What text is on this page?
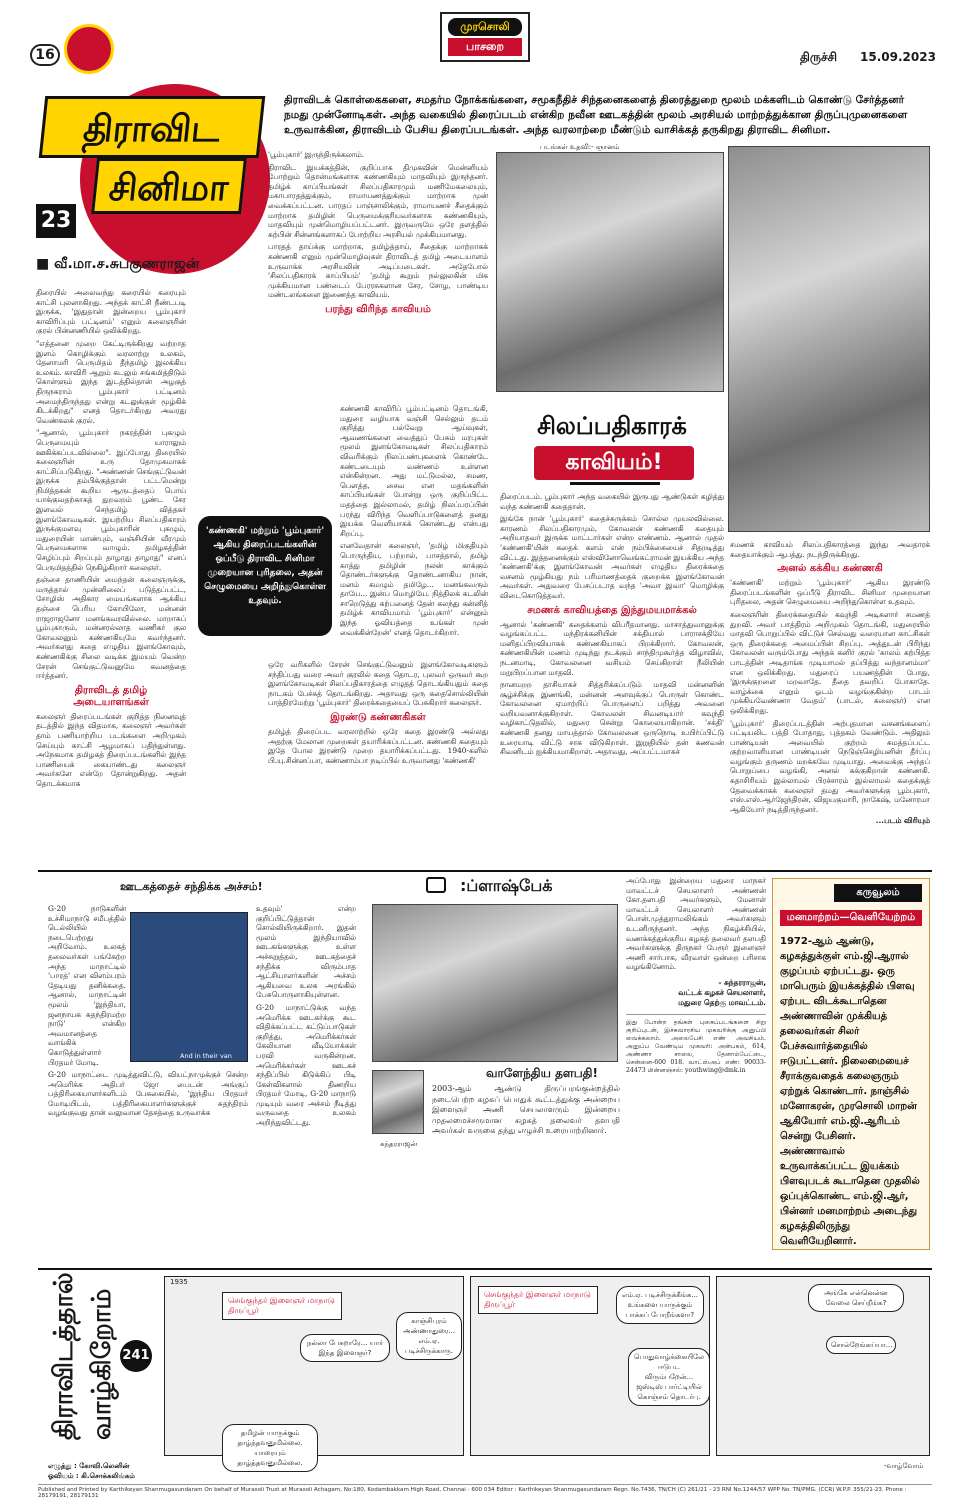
16
முரசொலி
பாசறை
திருச்சி 15.09.2023
திராவிட
சினிமா
23
■ வீ.மா.ச.சுபகுணராஜன்
திராவிடக் கொள்கைகளை, சமதர்ம நோக்கங்களை, சமூகநீதிச் சிந்தனைகளைத் திரைத்துறை மூலம் மக்களிடம் கொண்டு சேர்த்தனர் நமது முன்னோடிகள். அந்த வகையில் திரைப்படம் என்கிற நவீன ஊடகத்தின் மூலம் அரசியல் மாற்றத்துக்கான திருப்புமுனைகளை உருவாக்கின, திராவிடம் பேசிய திரைப்படங்கள். அந்த வரலாற்றை மீண்டும் வாசிக்கத் தருகிறது திராவிட சினிமா.

திரையில் அலைவந்து கரையில் கரையும் காட்சி புலனாகிறது. அந்தக் காட்சி நீண்டபடி இருக்க, 'இதுதான் இன்றைய பூம்புகார் காவிரிப்பும் பட்டினம்' எனும் கலைஞரின் குரல் பின்னணியில் ஒலிக்கிறது.

"எத்தனை முறை கேட்டிருக்கிறது வற்றாத இளம் கொழிக்கும் வரலாற்று உலகம், தேனாமரி பெருமிதம் தீந்தமிழ் இலக்கிய உலகம். காவிரி ஆறும் கடலும் சங்கமித்திடும் கொள்ளும் இந்த இடத்தில்தான் அழகுத் திருநகராம் பூம்புகார் பட்டினம் அமைந்திருந்தது என்று கடலுக்குள் மூழ்கிக் கிடக்கிறது" எனத் தொடர்கிறது அவரது வெண்கலக் குரல்.

"ஆனால், பூம்புகார் நகரத்தின் புகழும் பெருமையும் யாராலும் ஊகிக்கப்படவில்லை". இப்போது திரையில் கலைஞரின் உரு தோமுகமாகக் காட்சிப்படுகிறது. "அண்ணன் செங்குட்டுவன் இருக்க தம்பிக்குத்தான் பட்டமென்று நிமித்தகன் கூறிய ஆருடத்தைப் பொய் யாக்குவதற்காகத் துறவறம் பூண்ட சேர இளவல் செந்தமிழ் வித்தகர் இளங்கோவடிகள். இயற்றிய சிலப்பதிகாரம் இருக்குமளவு பூம்புகாரின் புகழும், மதுரையின் மாண்பும், வஞ்சியின் வீரமும் பெருமைகளாக வாழும். தமிழகத்தின் செழிப்பும் சிறப்பும் தாழாது தாழாது" எனப் பெருமிதத்தில் நெகிழ்கிறார் கலைஞர்.

தஞ்சை தாணியின் மைந்தன் கலைஞருக்கு, மருத்தால் முன்னிலைப் படுத்தப்பட்ட, சோழிஸ் அதிகார மையங்களாக ஆக்கிய தஞ்சை பெரிய கோயிலோ, மன்னன் ராஜராஜனோ மனங்கவரவில்லை. மாறாகப் பூம்புகாரும், மன்னரல்லாத வணிகர் குல கோவலனும் கண்ணகியுமே கவர்ந்தனர். அவர்களது கதை எழுதிய இளங்கோவும், கண்ணகிக்கு சிலை வடிக்க இமயம் வென்ற சேரன் செங்குட்டுவனுமே கவனத்தை ஈர்த்தனர்.

திராவிடத் தமிழ் அடையாளங்கள்

கலைஞர் திரைப்படங்கள் குறித்த நினைவுத் தடத்தில் இந்த விதமாக, கலைஞர் அவர்கள் தாம் பணியாற்றிய படங்களை அறிமுகம் செய்யும் காட்சி ஆழமாகப் பதிந்துள்ளது. அநேகமாக தமிழகத் திரைப்படங்களில் இந்த பாணியைக் கையாண்டது கலைஞர் அவர்களே என்றே தோன்றுகிறது. அதன் தொடக்கமாக

'பூம்புகார்' இருந்திருக்கலாம்.

திராவிட இயக்கத்தின், குறிப்பாக திமுகவின் மென்னியம் போற்றும் தொன்மங்களாக கண்ணகியும் மாதவியும் இருந்தனர். தமிழ்க் காப்பியங்கள் சிலப்பதிகாரமும் மணிமேகலையும், மகாபாரதத்துக்கும், ராமாயணத்துக்கும் மாற்றாக முன் வைக்கப்பட்டன. பாரதப் பாஞ்சாலிக்கும், ராமாயணச் சீதைக்கும் மாற்றாக தமிழின் பெருமைக்குரியவர்களாக கண்ணகியும், மாதவியும் முன்மொழியப்பட்டனர். இருவருமே ஒரே தளத்தில் கற்பின் சின்னங்களாகப் போற்றிய அரசியல் முக்கியமானது.

பாரதத் தாய்க்கு மாற்றாக, தமிழ்த்தாய், சீதைக்கு மாற்றாகக் கண்ணகி எனும் முன்மொழிவுகள் திராவிடத் தமிழ் அடையாளம் உருவாக்க அரசியலின் அடிப்படைகள். அதேபோல் 'சிலப்பதிகாரக் காப்பியம்' 'தமிழ் கூறும் நல்லுலகின் மிக முக்கியமான பண்டைப் பேரரசுகளான சேர, சோழ, பாண்டிய மண்டலங்களை இணைத்த காவியம்.

பரந்து விரிந்த காவியம்

கண்ணகி காவிரிப் பூம்பட்டினம் தொடங்கி, மதுரை வழியாக வஞ்சி செல்லும் தடம் குறித்து பல்வேறு ஆய்வுகள், ஆவணங்களை வைத்துப் பேசும் மரபுகள் மூலம் இளங்கோவடிகள் சிலப்பதிகாரம் விவரிக்கும் நிலப்பண்புகளைக் கொண்டே கண்டடையும் வண்ணம் உள்ளன என்கின்றன. அது மட்டுமல்ல, சமண, பௌத்த, சைவ என மதங்களின் காப்பியங்கள் போன்று ஒரு குறிப்பிட்ட மதத்தை இல்லாமல், தமிழ் நிலப்பரப்பின் பரந்து விரிந்த வெளிப்பாடுகளைத் தனது இயக்க வெளியாகக் கொண்டது என்பது சிறப்பு.

எனவேதான் கலைஞர், 'தமிழ் மிகுதியும் பொருந்திய, பற்றால், பாசத்தால், தமிழ் காத்து தமிழின் நலன் காக்கும் தொண்டர்களுக்கு தொண்டனாகிய நான், மனம் கமழும் தமிழே... மனங்கவரும் தாயே... இன்ப மொழியே. நித்திலக் கடலின் சாறெடுத்து கற்பனைத் தேன் கலந்து கன்னித் தமிழ்க் காவியமாம் 'பூம்புகார்' என்னும் இந்த ஓவியத்தை உங்கள் முன் வைக்கின்றேன்' எனத் தொடர்கிறார்.

ஒரே வரிகளில் சேரன் செங்குட்டுவனும் இளங்கோவடிகளும் சந்திப்பது வரை அவர் குரலில் கதை தொடர, புலவர் ஒருவர் கூற இளங்கோவடிகள் சிலப்பதிகாரத்தை எழுதத் தொடங்கியதும் கதை நாடகம் பேச்சுத் தொடங்கிறது. அதாவது ஒரு கதைசொல்லியின் பாத்திரமேற்று 'பூம்புகார்' திரைக்கதையைப் பேசுகிறார் கலைஞர்.

இரண்டு கண்ணகிகள்

தமிழ்த் திரைப்பட வரலாற்றில் ஒரே கதை இரண்டு அல்லது அதற்கு மேலான முறைகள் தயாரிக்கப்பட்டன. கண்ணகி கதையும் இதே போல இரண்டு முறை தயாரிக்கப்பட்டது. 1940-களில் பி.யு.சின்னப்பா, கண்ணாம்பா நடிப்பில் உருவானது 'கண்ணகி'

'கண்ணகி' மற்றும் 'பூம்புகார்' ஆகிய திரைப்படங்களின் ஒப்பீடு திராவிட சினிமா முறையான புரிதலை, அதன் செழுமையை அறிந்துகொள்ள உதவும்.
படங்கள் உதவி:- ஞானம்
சிலப்பதிகாரக்
காவியம்!

திரைப்படம். பூம்புகார் அந்த வகையில் இருபது ஆண்டுகள் கழித்து வந்த கண்ணகி கதைதான்.

இங்கே நான் 'பூம்புகார்' கதைச்சுருக்கம் சொல்ல முயலவில்லை. காரணம் சிலப்பதிகாரமும், கோவலன் கண்ணகி கதையும் அறியாதவர் இருக்க மாட்டார்கள் என்ற எண்ணம். ஆனால் முதல் 'கண்ணகி'யின் கதைக் களம் என் நம்பிக்கையைச் சிதறடித்து விட்டது. இத்தனைக்கும் எஸ்வினோவெங்கட்ராமன் இயக்கிய அந்த 'கண்ணகி'க்கு இளங்கோவன் அவர்கள் எழுதிய திரைக்கதை வசனம் மூழ்கியது நம் பரிமாணத்தைக் குறைக்க இளங்கோவன் அவர்கள். அதுவரை பேசப்படாத வந்த 'அவா இவா' மொழிக்கு விடைகொடுத்தவர்.

சமணக் காவியத்தை இந்துமயமாக்கல்

ஆனால் 'கண்ணகி' கதைக்களம் விபரீதமானது. மாசாத்துவானுக்கு வழங்கப்பட்ட மந்திரக்கனியின் சக்தியால் பாராசக்தியே மனிதப்பிறவியாகக் கண்ணகியாகப் பிறக்கிறார். கோவலன், கண்ணகியின் மணம் முடிந்து நடக்கும் சாந்திமுகூர்த்த விழாவில், நடனமாடி, கோவலனை வசியம் செய்கிறாள் நீலியின் மறுபிறப்பான மாதவி.

நானமறற தாசியாகச் சித்தரிக்கப்படும் மாதவி மன்னனின் சூழ்ச்சிக்கு இணங்கி, மன்னன் அளவுக்குப் பொருள் கொண்ட கோவலனை ஏமாற்றிப் பொருளைப் பறித்து அவனை வறியவனாக்குகிறாள். கோவலன் சிவனடியார் கவுந்தி வழிகாட்டுதலில், மதுரை சென்று கொலையாகிறான். 'சக்தி' கண்ணகி தனது மாயத்தால் கோவலனை ஒருநொடி உயிர்ப்பிட்டு உரையாடி விட்டு சாக விடுகிறாள். இறுதியில் தன் கணவன் சிவனிடம் ஐக்கியமாகிறாள். அதாவது, அப்பட்டமாகச்

சமணக் காவியம் சிலப்பதிகாரத்தை இந்து அவதாரக் கதையாக்கும் ஆபத்து. நடந்திருக்கிறது.

அனல் கக்கிய கண்ணகி

'கண்ணகி' மற்றும் 'பூம்புகார்' ஆகிய இரண்டு திரைப்படங்களின் ஒப்பீடு திராவிட சினிமா முறையான புரிதலை, அதன் செழுமையை அறிந்துகொள்ள உதவும்.

கலைஞரின் திரைக்கதையில் கவுந்தி அடிகளார் சமணத் துறவி. அவர் பாத்திரம் அறிமுகம் தொடங்கி, மதுரையில் மாதவி பொறுப்பில் விட்டுச் செல்வது வரையான காட்சிகள் ஒரு திரைக்கதை அமைப்பின் சிறப்பு. அத்துடன் பிரிந்து கோவலன் வரும்போது அந்தக் கனிர் குரல் 'காலம் கற்பித்த பாடத்தின் அடிதாங்க முடியாமல் தப்பித்து வந்தானம்மா' என ஒலிக்கிறது. மதுரைப் பயணத்தின் போது, 'இருக்குறளை மறவாதே. தீதை தவறிப் போகாதே. வாழ்க்கை எனும் ஓடம் வழங்குகின்ற பாடம் முக்கியவேண்ணா வேதம்' (பாடல், கலைஞர்) என ஒலிக்கிறது.

'பூம்புகார்' திரைப்படத்தின் அற்புதமான வசனங்களைப் பட்டியலிட பத்தி போதாது, புத்தகம் வேண்டும். அதிலும் பாண்டியன் அவையில் குற்றம் சுமத்தப்பட்ட குற்றவாளியான பாண்டியன் நெடுஞ்செழியனின் தீர்ப்பு வழங்கும் தருணம் மறக்கவே முடியாது. அவைக்கு அந்தப் பொறுப்பை வழங்கி, அனல் கக்குகிறான் கண்ணகி. கதாசிரியம் இல்லாமல் பிரச்சாரம் இல்லாமல் கதைக்குத் தேவைக்காகக் கலைஞர் தமது அவர்களுக்கு பூம்புகார், எஸ்.எஸ்.ஆர்ஜேந்திரன், விஜயகுமாரி, நாகேஷ், மனோரமா ஆகியோர் நடித்திருந்தனர்.

...படம் விரியும்
ஊடகத்தைச் சந்திக்க அச்சம்!

G-20 நாடுகளின் உச்சிமாநாடு சமீபத்தில் டெல்லியில் நடைபெற்றது அறிவோம். உலகத் தலைவர்கள் பங்கேற்ற அந்த மாநாட்டில் 'பாரத்' என விளம்பரம் தேடியது தனிக்கதை. ஆனால், மாநாட்டின் மூலம் 'இந்தியா, ஜனநாயக சுதந்திரமற்ற நாடு' என்கிற அவமானத்தை வாங்கிக் கொடுத்துள்ளார் பிரதமர் மோடி.

And in their van
they just had to stay

G-20 மாநாட்டை முடித்துவிட்டு, வியட்நாமுக்குச் சென்ற அமெரிக்க அதிபர் ஜோ பைடன் அங்குப் பத்திரிகையாளர்களிடம் பேசுகையில், 'இந்திய பிரதமர் மோடியிடம், பத்திரிகையாளர்களுக்குச் சுதந்திரம் வழங்குவது தான் வலுவான தேசத்தை உருவாக்க

உதவும்' என்ற குறிப்பிட்டுத்தான் சொல்லியிருக்கிறார். இதன் மூலம் இந்தியாவில் ஊடகங்களுக்கு உள்ள அச்சுறுத்தல், ஊடகத்தைச் சந்திக்க விரும்பாத ஆட்சியாளர்களின் அச்சம் ஆகியவை உலக அரங்கில் பேசுபொருளாகியுள்ளன.

G-20 மாநாட்டுக்கு வந்த அமெரிக்க ஊடகர்க்கு கூட விதிக்கப்பட்ட கட்டுப்பாடுகள் குறித்து, அமெரிக்கர்கள் கேலியான வீடியோக்கள் பரவி வருகின்றன. அமெரிக்கர்கள் ஊடகச் சந்திப்பில் கிடுக்கிப் பிடி கேள்விகளால் திணறிய பிரதமர் மோடி, G-20 மாநாடு முடியும் வரை அச்சம் நீடித்து வருவதை உலகம் அறிந்துவிட்டது.

:ப்ளாஷ்பேக்
சுந்தரராஜன்
வாளேந்திய தளபதி!

2003-ஆம் ஆண்டு திருப்பரங்குன்றத்தில் நடைபெற்ற கழகப் பொதுக் கூட்டத்துக்கு அன்றைய இளைஞர் அணி செயலாளரும் இன்றைய முதலமைச்சருமான கழகத் தலைவர் தளபதி அவர்கள் வருகை தந்து எழுச்சி உரையாற்றினார்.

அப்போது இன்றைய மதுரை மாநகர் மாவட்டச் செயலாளர் அண்ணன் கோ.தளபதி அவர்களும், மேனாள் மாவட்டச் செயலாளர் அண்ணன் பொன்.முத்துராமலிங்கம் அவர்களும் உடனிருந்தனர். அந்த நிகழ்ச்சியில், வணக்கத்துக்குரிய கழகத் தலைவர் தளபதி அவர்களுக்கு திருநகர் பேரூர் இளைஞர் அணி சார்பாக, வீரவாள் ஒன்றை பரிசாக வழங்கினோம்.

- சுந்தரராஜன்,
வட்டக் கழகச் செயலாளர்,
மதுரை தெற்கு மாவட்டம்.

இது போன்ற தங்கள் புகைப்படங்களை சிறு குறிப்புடன், இச்சுவாரசிய முகவரிக்கு அனுப்பி வைக்கலாம். அலைபேசி எண் அவசியம். அனுப்ப வேண்டிய முகவரி: அன்பகம், 614, அண்ணா சாலை, தேனாம்பேட்டை, சென்னை-600 018. வாட்ஸ்அப் எண்: 90033-24473 மின்னஞ்சல்: youthwing@dmk.in

கருவூலம்
மனமாற்றம்—வெளியேற்றம்
1972-ஆம் ஆண்டு, கழகத்துக்குள் எம்.ஜி.ஆரால் குழப்பம் ஏற்பட்டது. ஒரு மாபெரும் இயக்கத்தில் பிளவு ஏற்பட விடக்கூடாதென அண்ணாவின் முக்கியத் தலைவர்கள் சிலர் பேச்சுவார்த்தையில் ஈடுபட்டனர். நிலைமையைச் சீராக்குவதைக் கலைஞரும் ஏற்றுக் கொண்டார். நாஞ்சில் மனோகரன், முரசொலி மாறன் ஆகியோர் எம்.ஜி.ஆரிடம் சென்று பேசினர். அண்ணாவால் உருவாக்கப்பட்ட இயக்கம் பிளவுபடக் கூடாதென முதலில் ஒப்புக்கொண்ட எம்.ஜி.ஆர், பின்னர் மனமாற்றம் அடைந்து கழகத்திலிருந்து வெளியேறினார்.
திராவிடத்தால் வாழ்கிறோம் 241
1935
செங்குந்தர் இளைஞர் மாநாடு திருப்பூர்
நல்லா பேசுறாரே... யார் இந்த இளைஞர்?
காஞ்சிபுரம் அண்ணாதுரை... எம்.ஏ. படிச்சிருக்காரு.
தமிழன் யாருக்கும் தாழ்ந்தவனுமில்லை. யாரையும் தாழ்த்தவனுமில்லை.
செங்குந்தர் இளைஞர் மாநாடு திருப்பூர்
எம்.ஏ. படிச்சிருக்கீங்க... உங்களை யாருக்கும் பாக்கப் போறீங்களா?
பொதுவாழ்க்கையிலே ஈடுபட விரும்பறேன்... ஜஸ்டிஸ் பார்ட்டியில் கொஞ்சம் தொடர்பு.
அங்கே என்னென்ன வேலை செய்றீங்க?
சொல்றேங்கய்யா...
எழுத்து : கோவி.லெனின்
ஓவியம் : கி.சொக்கலிங்கம்
-வாழ்வோம்
Published and Printed by Karthikeyan Shanmugasundaram On behalf of Murasoli Trust at Murasoli Achagam, No:180, Kodambakkam High Road, Chennai - 600 034 Editor : Karthikeyan Shanmugasundaram Regn. No.7436, TN/CH (C) 261/21 - 23 RNI No.1244/57 WPP No. TN/PMG. (CCR) W.P.P. 355/21-23. Phone : 28179191, 28179131
